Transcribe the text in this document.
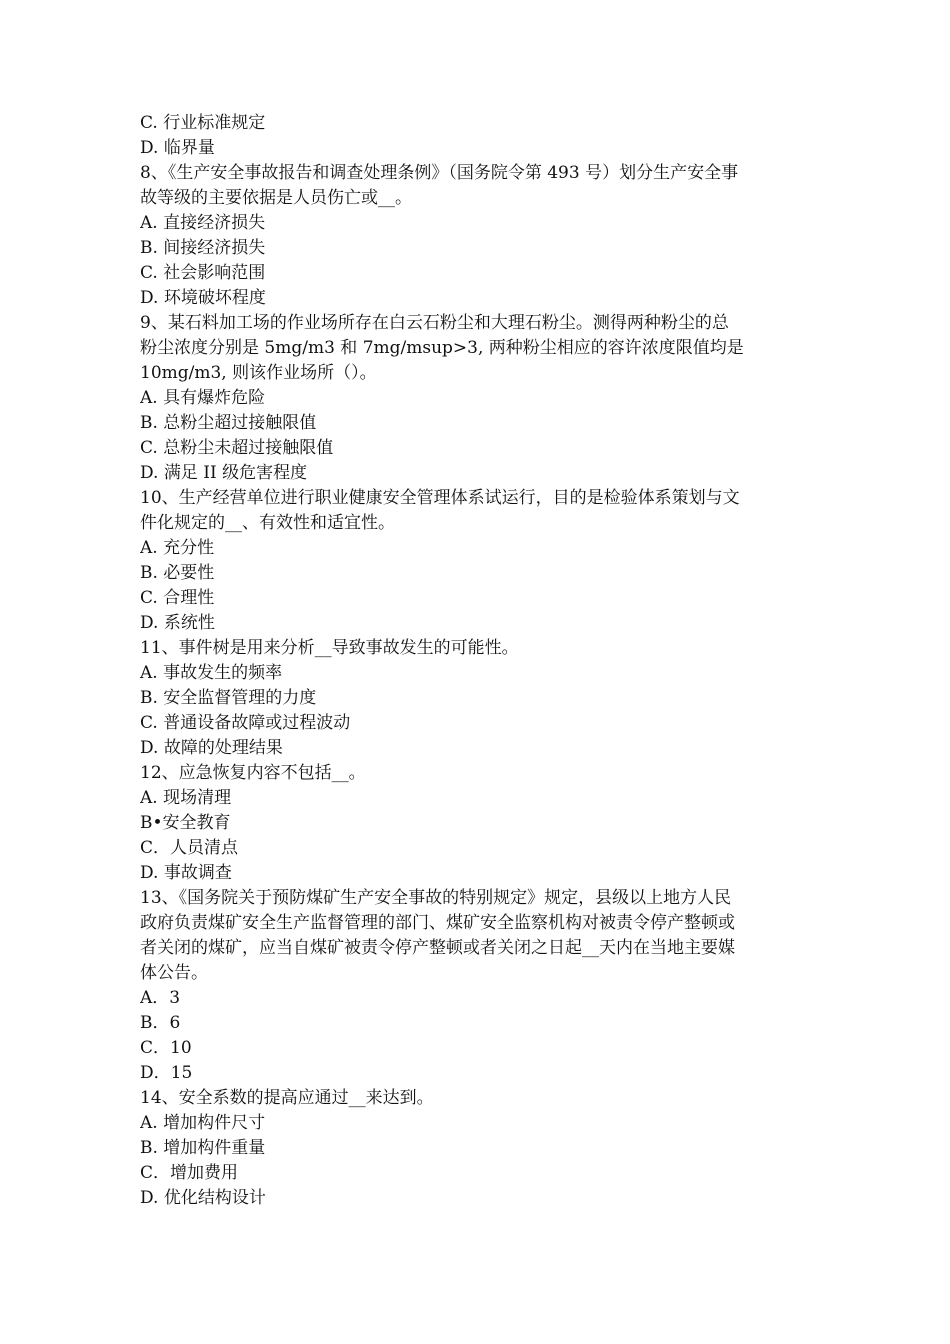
C. 行业标准规定
D. 临界量
8、《生产安全事故报告和调查处理条例》（国务院令第 493 号）划分生产安全事
故等级的主要依据是人员伤亡或__。
A. 直接经济损失
B. 间接经济损失
C. 社会影响范围
D. 环境破坏程度
9、某石料加工场的作业场所存在白云石粉尘和大理石粉尘。测得两种粉尘的总
粉尘浓度分别是 5mg/m3 和 7mg/msup>3, 两种粉尘相应的容许浓度限值均是
10mg/m3, 则该作业场所（）。
A. 具有爆炸危险
B. 总粉尘超过接触限值
C. 总粉尘未超过接触限值
D. 满足 II 级危害程度
10、生产经营单位进行职业健康安全管理体系试运行，目的是检验体系策划与文
件化规定的__、有效性和适宜性。
A. 充分性
B. 必要性
C. 合理性
D. 系统性
11、事件树是用来分析__导致事故发生的可能性。
A. 事故发生的频率
B. 安全监督管理的力度
C. 普通设备故障或过程波动
D. 故障的处理结果
12、应急恢复内容不包括__。
A. 现场清理
B•安全教育
C．人员清点
D. 事故调查
13、《国务院关于预防煤矿生产安全事故的特别规定》规定，县级以上地方人民
政府负责煤矿安全生产监督管理的部门、煤矿安全监察机构对被责令停产整顿或
者关闭的煤矿，应当自煤矿被责令停产整顿或者关闭之日起__天内在当地主要媒
体公告。
A．3
B．6
C．10
D．15
14、安全系数的提高应通过__来达到。
A. 增加构件尺寸
B. 增加构件重量
C．增加费用
D. 优化结构设计
